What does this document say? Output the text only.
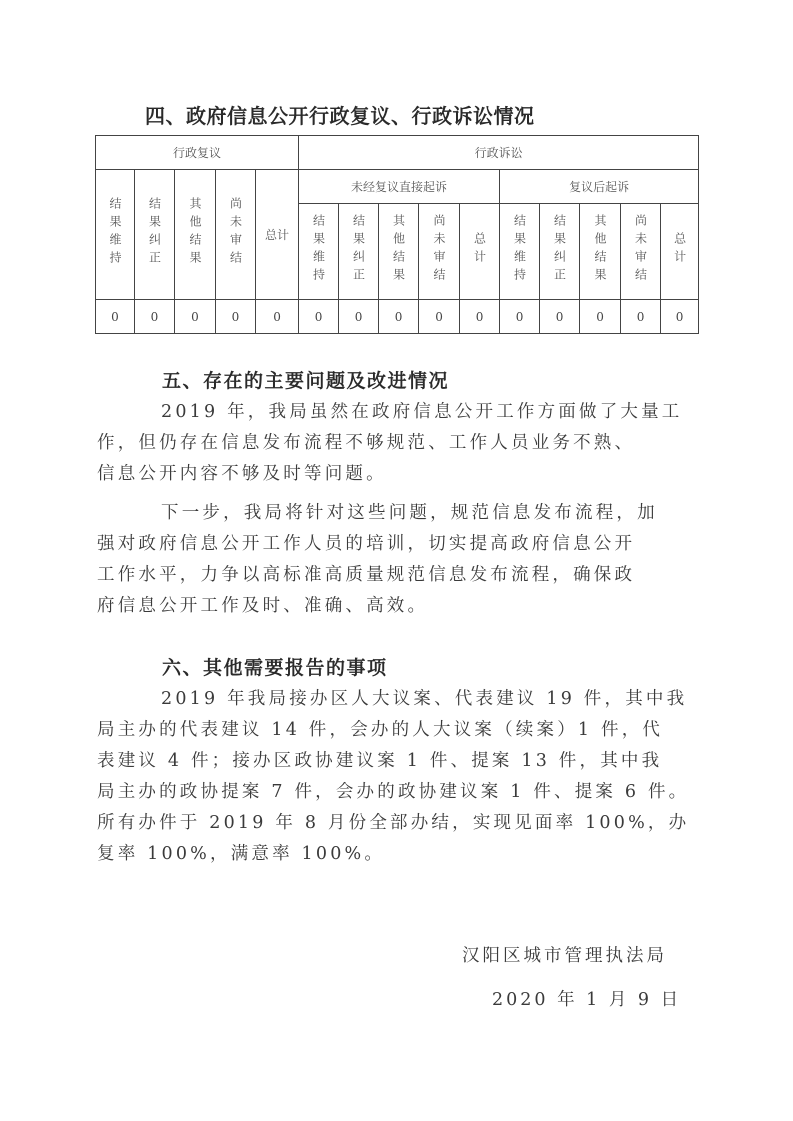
四、政府信息公开行政复议、行政诉讼情况
行政复议					行政诉讼									
结果维持	结果纠正	其他结果	尚未审结	总计	未经复议直接起诉					复议后起诉				
					结果维持	结果纠正	其他结果	尚未审结	总计	结果维持	结果纠正	其他结果	尚未审结	总计
0	0	0	0	0	0	0	0	0	0	0	0	0	0	0
五、存在的主要问题及改进情况
2019 年，我局虽然在政府信息公开工作方面做了大量工
作，但仍存在信息发布流程不够规范、工作人员业务不熟、
信息公开内容不够及时等问题。
下一步，我局将针对这些问题，规范信息发布流程，加
强对政府信息公开工作人员的培训，切实提高政府信息公开
工作水平，力争以高标准高质量规范信息发布流程，确保政
府信息公开工作及时、准确、高效。
六、其他需要报告的事项
2019 年我局接办区人大议案、代表建议 19 件，其中我
局主办的代表建议 14 件，会办的人大议案（续案）1 件，代
表建议 4 件；接办区政协建议案 1 件、提案 13 件，其中我
局主办的政协提案 7 件，会办的政协建议案 1 件、提案 6 件。
所有办件于 2019 年 8 月份全部办结，实现见面率 100%，办
复率 100%，满意率 100%。
汉阳区城市管理执法局
2020 年 1 月 9 日
